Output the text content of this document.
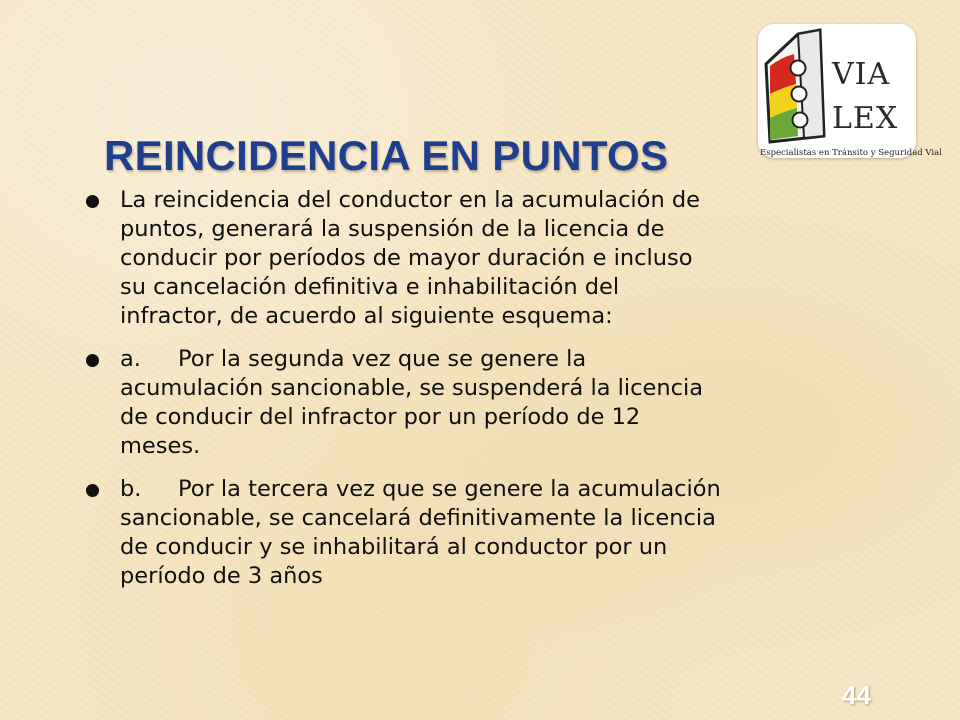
VIA
LEX
Especialistas en Tránsito y Seguridad Vial
REINCIDENCIA EN PUNTOS
La reincidencia del conductor en la acumulación de puntos, generará la suspensión de la licencia de conducir por períodos de mayor duración e incluso su cancelación definitiva e inhabilitación del infractor, de acuerdo al siguiente esquema:
a. Por la segunda vez que se genere la acumulación sancionable, se suspenderá la licencia de conducir del infractor por un período de 12 meses.
b. Por la tercera vez que se genere la acumulación sancionable, se cancelará definitivamente la licencia de conducir y se inhabilitará al conductor por un período de 3 años
44
